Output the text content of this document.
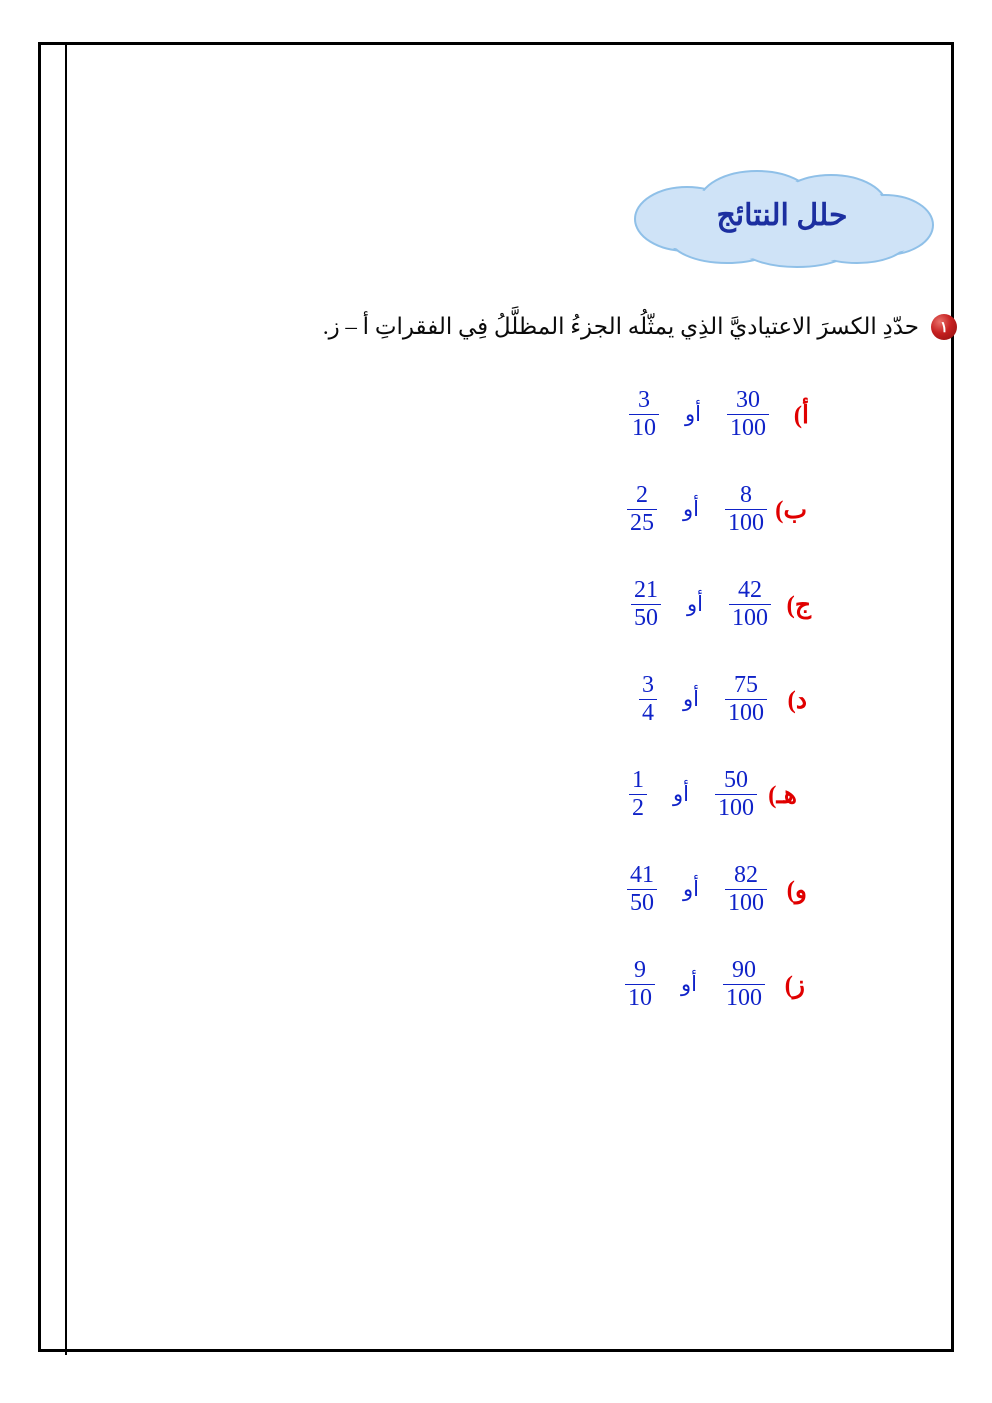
حلل النتائج
١
حدّدِ الكسرَ الاعتياديَّ الذِي يمثّلُه الجزءُ المظلَّلُ فِي الفقراتِ أ – ز.
أ)
$\frac{30}{100}$
أو
$\frac{3}{10}$
ب)
$\frac{8}{100}$
أو
$\frac{2}{25}$
ج)
$\frac{42}{100}$
أو
$\frac{21}{50}$
د)
$\frac{75}{100}$
أو
$\frac{3}{4}$
هـ)
$\frac{50}{100}$
أو
$\frac{1}{2}$
و)
$\frac{82}{100}$
أو
$\frac{41}{50}$
ز)
$\frac{90}{100}$
أو
$\frac{9}{10}$
